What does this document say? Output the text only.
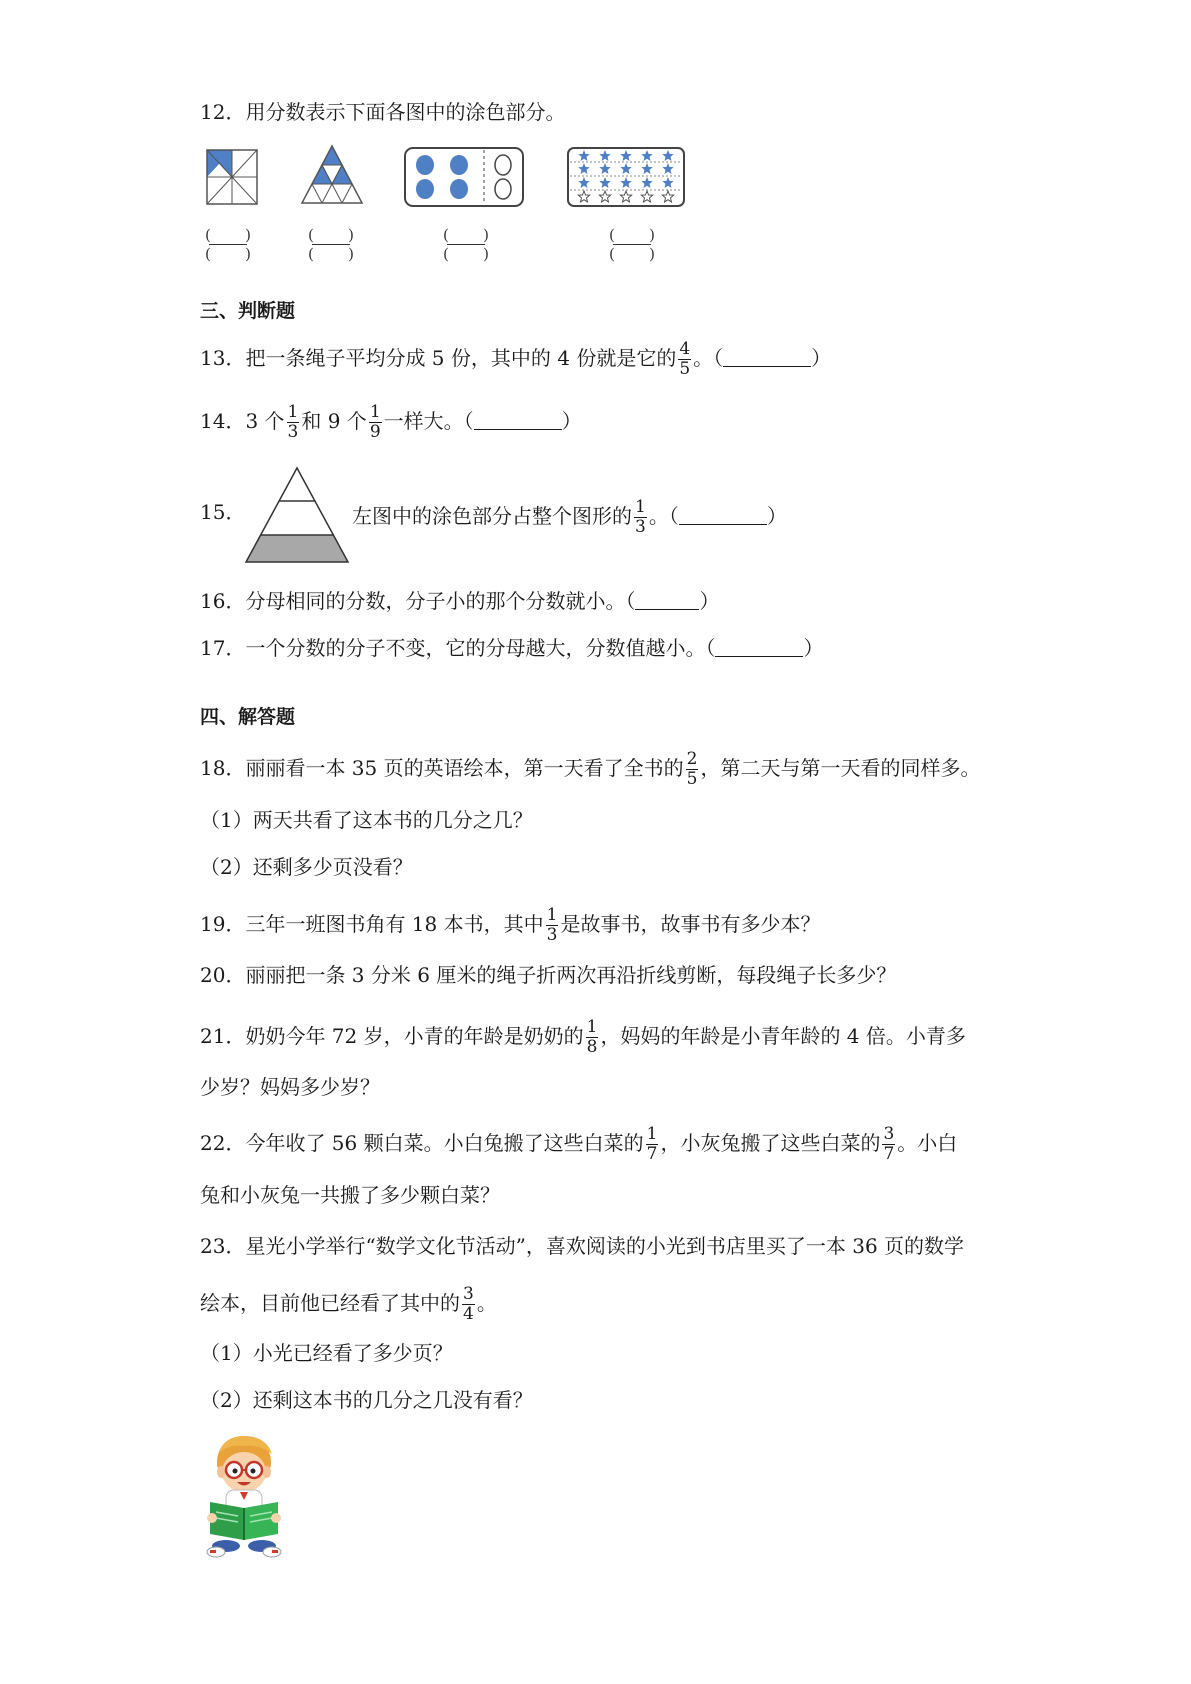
12．用分数表示下面各图中的涂色部分。
( )
( )
( )
( )
( )
( )
( )
( )
三、判断题
13．把一条绳子平均分成 5 份，其中的 4 份就是它的 $\frac{4}{5}$ 。（	）
14．3 个 $\frac{1}{3}$ 和 9 个 $\frac{1}{9}$ 一样大。（	）
15．	左图中的涂色部分占整个图形的 $\frac{1}{3}$ 。（	）
16．分母相同的分数，分子小的那个分数就小。（	）
17．一个分数的分子不变，它的分母越大，分数值越小。（	）
四、解答题
18．丽丽看一本 35 页的英语绘本，第一天看了全书的 $\frac{2}{5}$ ，第二天与第一天看的同样多。
（1）两天共看了这本书的几分之几？
（2）还剩多少页没看？
19．三年一班图书角有 18 本书，其中 $\frac{1}{3}$ 是故事书，故事书有多少本？
20．丽丽把一条 3 分米 6 厘米的绳子折两次再沿折线剪断，每段绳子长多少？
21．奶奶今年 72 岁，小青的年龄是奶奶的 $\frac{1}{8}$ ，妈妈的年龄是小青年龄的 4 倍。小青多
少岁？妈妈多少岁？
22．今年收了 56 颗白菜。小白兔搬了这些白菜的 $\frac{1}{7}$ ，小灰兔搬了这些白菜的 $\frac{3}{7}$ 。小白
兔和小灰兔一共搬了多少颗白菜？
23．星光小学举行“数学文化节活动”，喜欢阅读的小光到书店里买了一本 36 页的数学
绘本，目前他已经看了其中的 $\frac{3}{4}$ 。
（1）小光已经看了多少页？
（2）还剩这本书的几分之几没有看？
